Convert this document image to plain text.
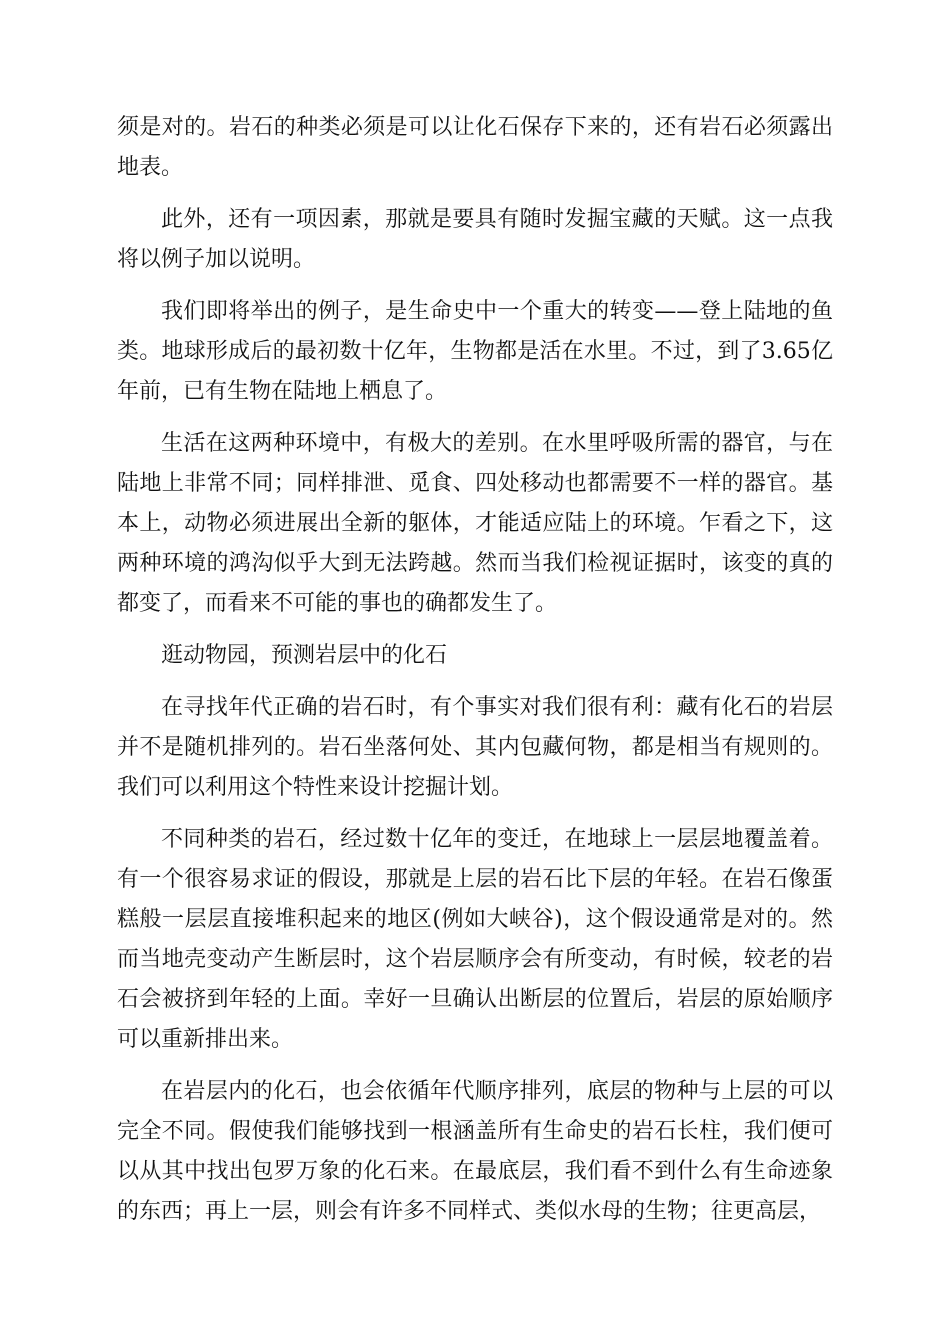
须是对的。岩石的种类必须是可以让化石保存下来的，还有岩石必须露出地表。

此外，还有一项因素，那就是要具有随时发掘宝藏的天赋。这一点我将以例子加以说明。

我们即将举出的例子，是生命史中一个重大的转变——登上陆地的鱼类。地球形成后的最初数十亿年，生物都是活在水里。不过，到了3.65亿年前，已有生物在陆地上栖息了。

生活在这两种环境中，有极大的差别。在水里呼吸所需的器官，与在陆地上非常不同；同样排泄、觅食、四处移动也都需要不一样的器官。基本上，动物必须进展出全新的躯体，才能适应陆上的环境。乍看之下，这两种环境的鸿沟似乎大到无法跨越。然而当我们检视证据时，该变的真的都变了，而看来不可能的事也的确都发生了。

逛动物园，预测岩层中的化石

在寻找年代正确的岩石时，有个事实对我们很有利：藏有化石的岩层并不是随机排列的。岩石坐落何处、其内包藏何物，都是相当有规则的。我们可以利用这个特性来设计挖掘计划。

不同种类的岩石，经过数十亿年的变迁，在地球上一层层地覆盖着。有一个很容易求证的假设，那就是上层的岩石比下层的年轻。在岩石像蛋糕般一层层直接堆积起来的地区(例如大峡谷)，这个假设通常是对的。然而当地壳变动产生断层时，这个岩层顺序会有所变动，有时候，较老的岩石会被挤到年轻的上面。幸好一旦确认出断层的位置后，岩层的原始顺序可以重新排出来。

在岩层内的化石，也会依循年代顺序排列，底层的物种与上层的可以完全不同。假使我们能够找到一根涵盖所有生命史的岩石长柱，我们便可以从其中找出包罗万象的化石来。在最底层，我们看不到什么有生命迹象的东西；再上一层，则会有许多不同样式、类似水母的生物；往更高层，
